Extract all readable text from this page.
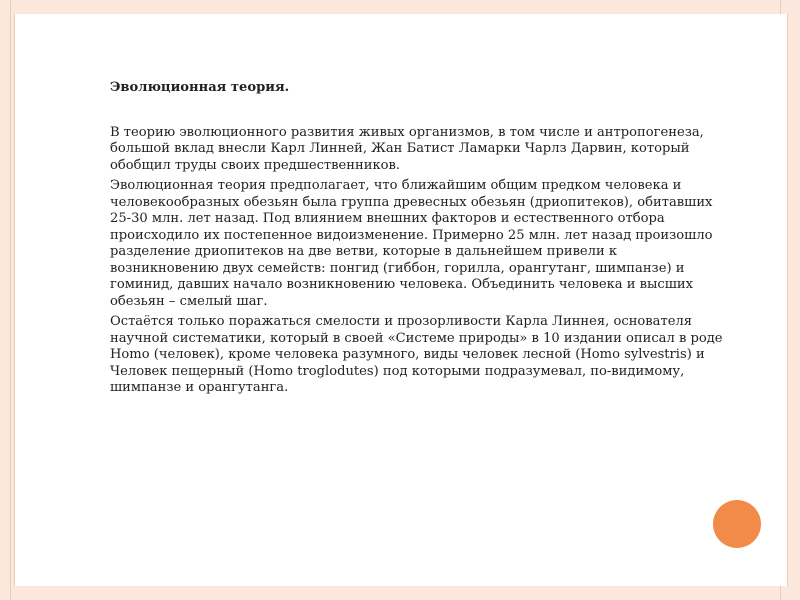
Эволюционная теория.

В теорию эволюционного развития живых организмов, в том числе и антропогенеза, большой вклад внесли Карл Линней, Жан Батист Ламарки Чарлз Дарвин, который обобщил труды своих предшественников.

Эволюционная теория предполагает, что ближайшим общим предком человека и человекообразных обезьян была группа древесных обезьян (дриопитеков), обитавших 25-30 млн. лет назад. Под влиянием внешних факторов и естественного отбора происходило их постепенное видоизменение. Примерно 25 млн. лет назад произошло разделение дриопитеков на две ветви, которые в дальнейшем привели к возникновению двух семейств: понгид (гиббон, горилла, орангутанг, шимпанзе) и гоминид, давших начало возникновению человека. Объединить человека и высших обезьян – смелый шаг.

Остаётся только поражаться смелости и прозорливости Карла Линнея, основателя научной систематики, который в своей «Системе природы» в 10 издании описал в роде Homo (человек), кроме человека разумного, виды человек лесной (Homo sylvestris) и Человек пещерный (Homo troglodutes) под которыми подразумевал, по-видимому, шимпанзе и орангутанга.
